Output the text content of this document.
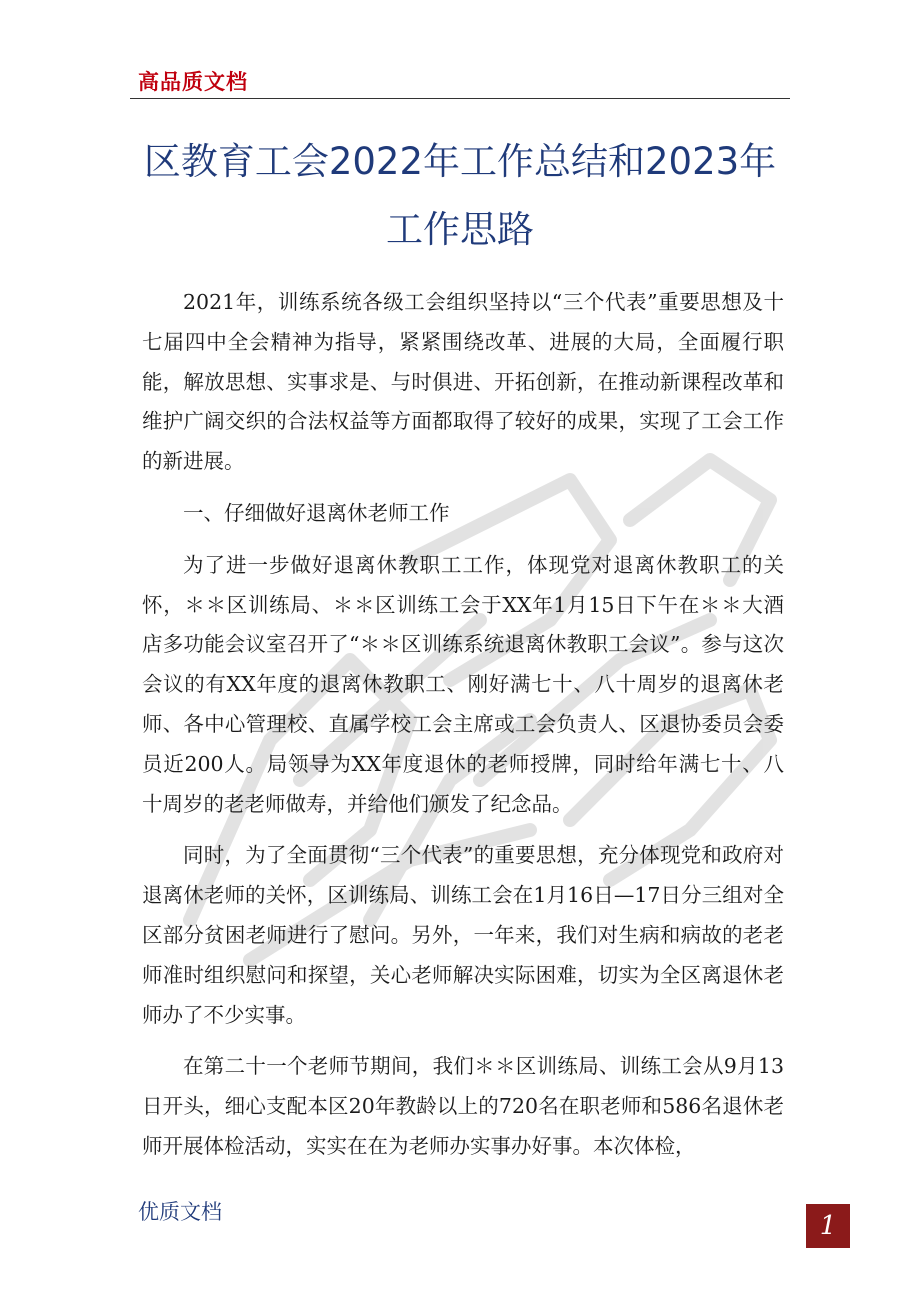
高品质文档
区教育工会2022年工作总结和2023年工作思路

2021年，训练系统各级工会组织坚持以“三个代表”重要思想及十七届四中全会精神为指导，紧紧围绕改革、进展的大局，全面履行职能，解放思想、实事求是、与时俱进、开拓创新，在推动新课程改革和维护广阔交织的合法权益等方面都取得了较好的成果，实现了工会工作的新进展。

一、仔细做好退离休老师工作

为了进一步做好退离休教职工工作，体现党对退离休教职工的关怀，＊＊区训练局、＊＊区训练工会于XX年1月15日下午在＊＊大酒店多功能会议室召开了“＊＊区训练系统退离休教职工会议”。参与这次会议的有XX年度的退离休教职工、刚好满七十、八十周岁的退离休老师、各中心管理校、直属学校工会主席或工会负责人、区退协委员会委员近200人。局领导为XX年度退休的老师授牌，同时给年满七十、八十周岁的老老师做寿，并给他们颁发了纪念品。

同时，为了全面贯彻“三个代表”的重要思想，充分体现党和政府对退离休老师的关怀，区训练局、训练工会在1月16日—17日分三组对全区部分贫困老师进行了慰问。另外，一年来，我们对生病和病故的老老师准时组织慰问和探望，关心老师解决实际困难，切实为全区离退休老师办了不少实事。

在第二十一个老师节期间，我们＊＊区训练局、训练工会从9月13日开头，细心支配本区20年教龄以上的720名在职老师和586名退休老师开展体检活动，实实在在为老师办实事办好事。本次体检，

优质文档	1
